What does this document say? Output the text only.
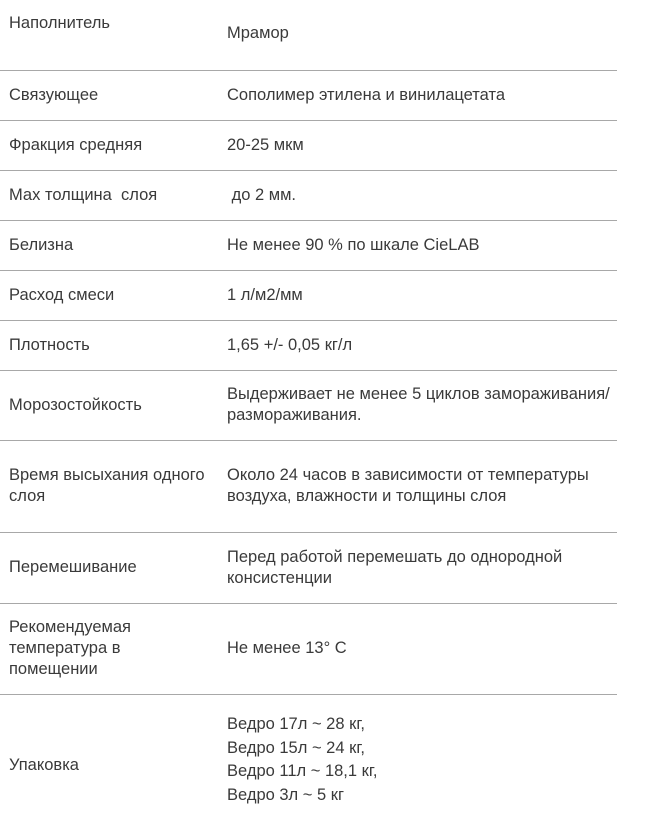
Наполнитель	Мрамор

Связующее	Сополимер этилена и винилацетата

Фракция средняя	20-25 мкм

Мах толщина  слоя	до 2 мм.

Белизна	Не менее 90 % по шкале CieLAB

Расход смеси	1 л/м2/мм

Плотность	1,65 +/- 0,05 кг/л

Морозостойкость	Выдерживает не менее 5 циклов замораживания/размораживания.

Время высыхания одного слоя	Около 24 часов в зависимости от температуры воздуха, влажности и толщины слоя

Перемешивание	Перед работой перемешать до однородной консистенции

Рекомендуемая температура в помещении	Не менее 13° С

Упаковка	Ведро 17л ~ 28 кг,
Ведро 15л ~ 24 кг,
Ведро 11л ~ 18,1 кг,
Ведро 3л ~ 5 кг
